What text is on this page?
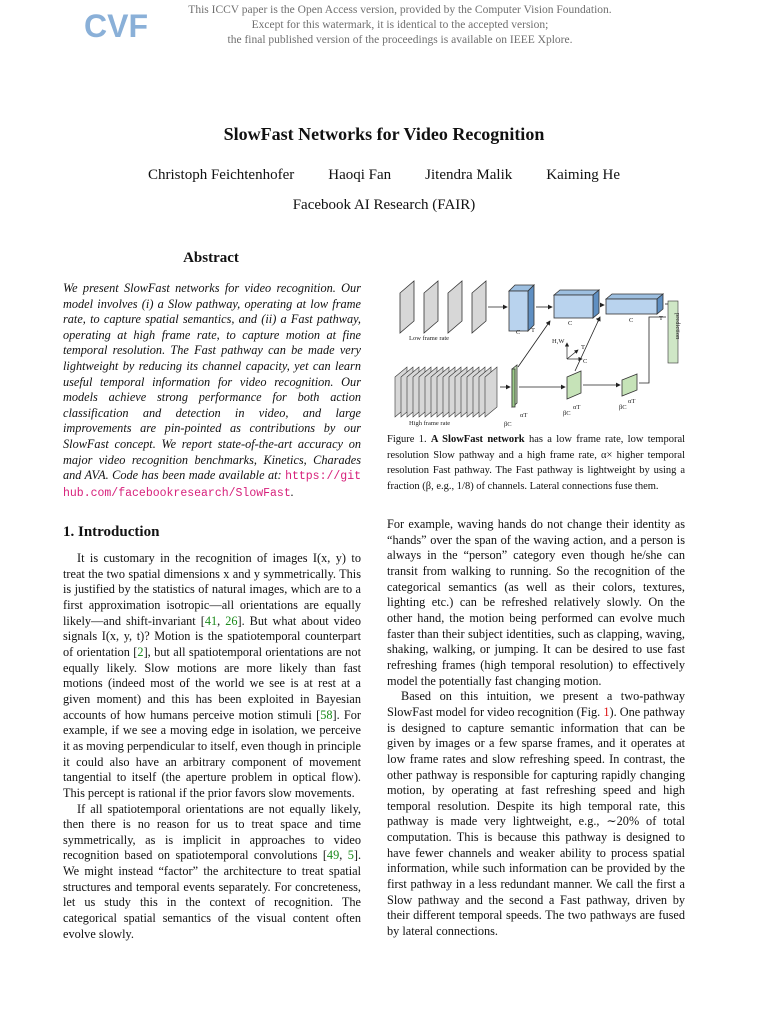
CVF	This ICCV paper is the Open Access version, provided by the Computer Vision Foundation.
Except for this watermark, it is identical to the accepted version;
the final published version of the proceedings is available on IEEE Xplore.
SlowFast Networks for Video Recognition
Christoph Feichtenhofer Haoqi Fan Jitendra Malik Kaiming He
Facebook AI Research (FAIR)
Abstract
We present SlowFast networks for video recognition. Our model involves (i) a Slow pathway, operating at low frame rate, to capture spatial semantics, and (ii) a Fast pathway, operating at high frame rate, to capture motion at fine temporal resolution. The Fast pathway can be made very lightweight by reducing its channel capacity, yet can learn useful temporal information for video recognition. Our models achieve strong performance for both action classification and detection in video, and large improvements are pin-pointed as contributions by our SlowFast concept. We report state-of-the-art accuracy on major video recognition benchmarks, Kinetics, Charades and AVA. Code has been made available at: https://github.com/facebookresearch/SlowFast.
Low frame rate
High frame rate
H,W
T
C
C T
C	T	C	T
αT
βC
αT
βC
αT
βC
prediction
Figure 1. A SlowFast network has a low frame rate, low temporal resolution Slow pathway and a high frame rate, α× higher temporal resolution Fast pathway. The Fast pathway is lightweight by using a fraction (β, e.g., 1/8) of channels. Lateral connections fuse them.
1. Introduction

It is customary in the recognition of images I(x, y) to treat the two spatial dimensions x and y symmetrically. This is justified by the statistics of natural images, which are to a first approximation isotropic—all orientations are equally likely—and shift-invariant [41, 26]. But what about video signals I(x, y, t)? Motion is the spatiotemporal counterpart of orientation [2], but all spatiotemporal orientations are not equally likely. Slow motions are more likely than fast motions (indeed most of the world we see is at rest at a given moment) and this has been exploited in Bayesian accounts of how humans perceive motion stimuli [58]. For example, if we see a moving edge in isolation, we perceive it as moving perpendicular to itself, even though in principle it could also have an arbitrary component of movement tangential to itself (the aperture problem in optical flow). This percept is rational if the prior favors slow movements.

If all spatiotemporal orientations are not equally likely, then there is no reason for us to treat space and time symmetrically, as is implicit in approaches to video recognition based on spatiotemporal convolutions [49, 5]. We might instead “factor” the architecture to treat spatial structures and temporal events separately. For concreteness, let us study this in the context of recognition. The categorical spatial semantics of the visual content often evolve slowly.

For example, waving hands do not change their identity as “hands” over the span of the waving action, and a person is always in the “person” category even though he/she can transit from walking to running. So the recognition of the categorical semantics (as well as their colors, textures, lighting etc.) can be refreshed relatively slowly. On the other hand, the motion being performed can evolve much faster than their subject identities, such as clapping, waving, shaking, walking, or jumping. It can be desired to use fast refreshing frames (high temporal resolution) to effectively model the potentially fast changing motion.

Based on this intuition, we present a two-pathway SlowFast model for video recognition (Fig. 1). One pathway is designed to capture semantic information that can be given by images or a few sparse frames, and it operates at low frame rates and slow refreshing speed. In contrast, the other pathway is responsible for capturing rapidly changing motion, by operating at fast refreshing speed and high temporal resolution. Despite its high temporal rate, this pathway is made very lightweight, e.g., ∼20% of total computation. This is because this pathway is designed to have fewer channels and weaker ability to process spatial information, while such information can be provided by the first pathway in a less redundant manner. We call the first a Slow pathway and the second a Fast pathway, driven by their different temporal speeds. The two pathways are fused by lateral connections.
